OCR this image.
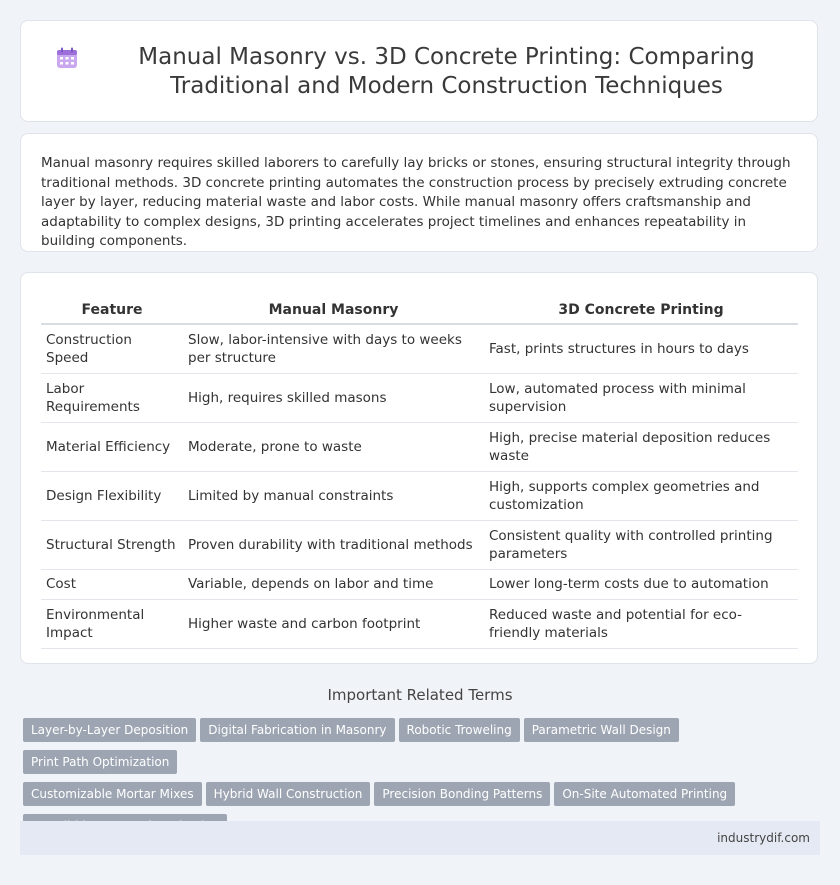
Manual Masonry vs. 3D Concrete Printing: Comparing Traditional and Modern Construction Techniques

Manual masonry requires skilled laborers to carefully lay bricks or stones, ensuring structural integrity through traditional methods. 3D concrete printing automates the construction process by precisely extruding concrete layer by layer, reducing material waste and labor costs. While manual masonry offers craftsmanship and adaptability to complex designs, 3D printing accelerates project timelines and enhances repeatability in building components.

Feature	Manual Masonry	3D Concrete Printing
Construction Speed	Slow, labor-intensive with days to weeks per structure	Fast, prints structures in hours to days
Labor Requirements	High, requires skilled masons	Low, automated process with minimal supervision
Material Efficiency	Moderate, prone to waste	High, precise material deposition reduces waste
Design Flexibility	Limited by manual constraints	High, supports complex geometries and customization
Structural Strength	Proven durability with traditional methods	Consistent quality with controlled printing parameters
Cost	Variable, depends on labor and time	Lower long-term costs due to automation
Environmental Impact	Higher waste and carbon footprint	Reduced waste and potential for eco-friendly materials
Important Related Terms
Layer-by-Layer Deposition Digital Fabrication in Masonry Robotic Troweling Parametric Wall DesignPrint Path Optimization
Customizable Mortar Mixes Hybrid Wall Construction Precision Bonding Patterns On-Site Automated Printing

industrydif.com
